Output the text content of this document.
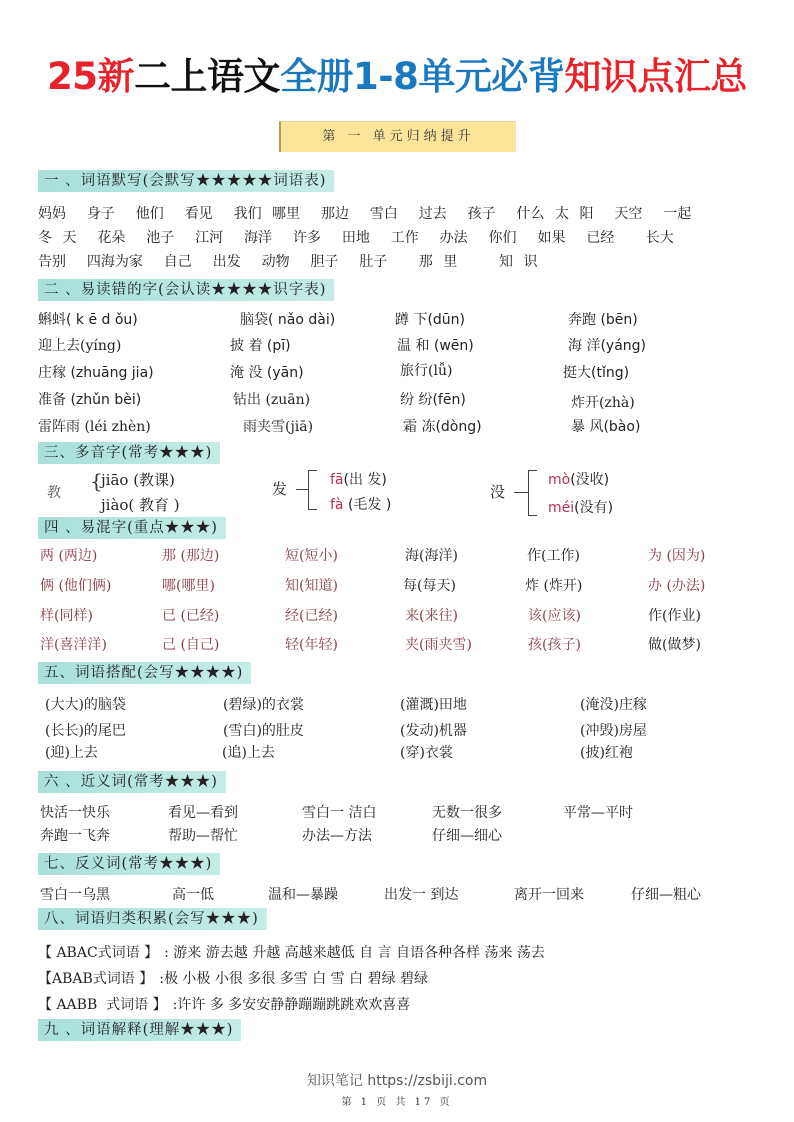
25新二上语文全册1-8单元必背知识点汇总
第 一 单元归纳提升
一 、词语默写(会默写★★★★★词语表)
妈妈  身子  他们  看见  我们 哪里  那边  雪白  过去  孩子  什么 太 阳  天空  一起
冬 天  花朵  池子  江河  海洋  许多  田地  工作  办法  你们  如果  已经   长大
告别  四海为家  自己  出发  动物  胆子  肚子   那 里    知 识
二 、易读错的字(会认读★★★★识字表)
蝌蚪( k ē d ǒu)	脑袋( nǎo dài)	蹲 下(dūn)	奔跑 (bēn)
迎上去(yíng)	披 着 (pī)	温 和 (wēn)	海 洋(yáng)
庄稼 (zhuāng jia)	淹 没 (yān)	旅行(lǚ)	挺大(tǐng)
准备 (zhǔn bèi)	钻出 (zuān)	纷 纷(fēn)	炸开(zhà)
雷阵雨 (léi zhèn)	雨夹雪(jiā)	霜 冻(dòng)	暴 风(bào)
三、多音字(常考★★★)
教 {
jiāo (教课)
jiào( 教育 )
发	fā(出 发)
fà (毛发 )
没
mò(没收)
méi(没有)
四 、易混字(重点★★★)
两 (两边)	那 (那边)	短(短小)	海(海洋)	作(工作)	为 (因为)
俩 (他们俩)	哪(哪里)	知(知道)	每(每天)	炸 (炸开)	办 (办法)
样(同样)	已 (已经)	经(已经)	来(来往)	该(应该)	作(作业)
洋(喜洋洋)	己 (自己)	轻(年轻)	夹(雨夹雪)	孩(孩子)	做(做梦)
五、词语搭配(会写★★★★)
(大大)的脑袋	(碧绿)的衣裳	(灌溉)田地	(淹没)庄稼
(长长)的尾巴	(雪白)的肚皮	(发动)机器	(冲毁)房屋
(迎)上去	(追)上去	(穿)衣裳	(披)红袍
六 、近义词(常考★★★)
快活一快乐	看见—看到	雪白一 洁白	无数一很多	平常—平时
奔跑一飞奔	帮助—帮忙	办法—方法	仔细—细心
七、反义词(常考★★★)
雪白一乌黑	高一低	温和—暴躁	出发一 到达	离开一回来	仔细—粗心
八、词语归类积累(会写★★★)
【 ABAC式词语 】 : 游来 游去越 升越 高越来越低 自 言 自语各种各样 荡来 荡去
【ABAB式词语 】 :极 小极 小很 多很 多雪 白 雪 白 碧绿 碧绿
【 AABB  式词语 】 :许许 多 多安安静静蹦蹦跳跳欢欢喜喜
九 、词语解释(理解★★★)
知识笔记 https://zsbiji.com
第 1 页 共 17 页
